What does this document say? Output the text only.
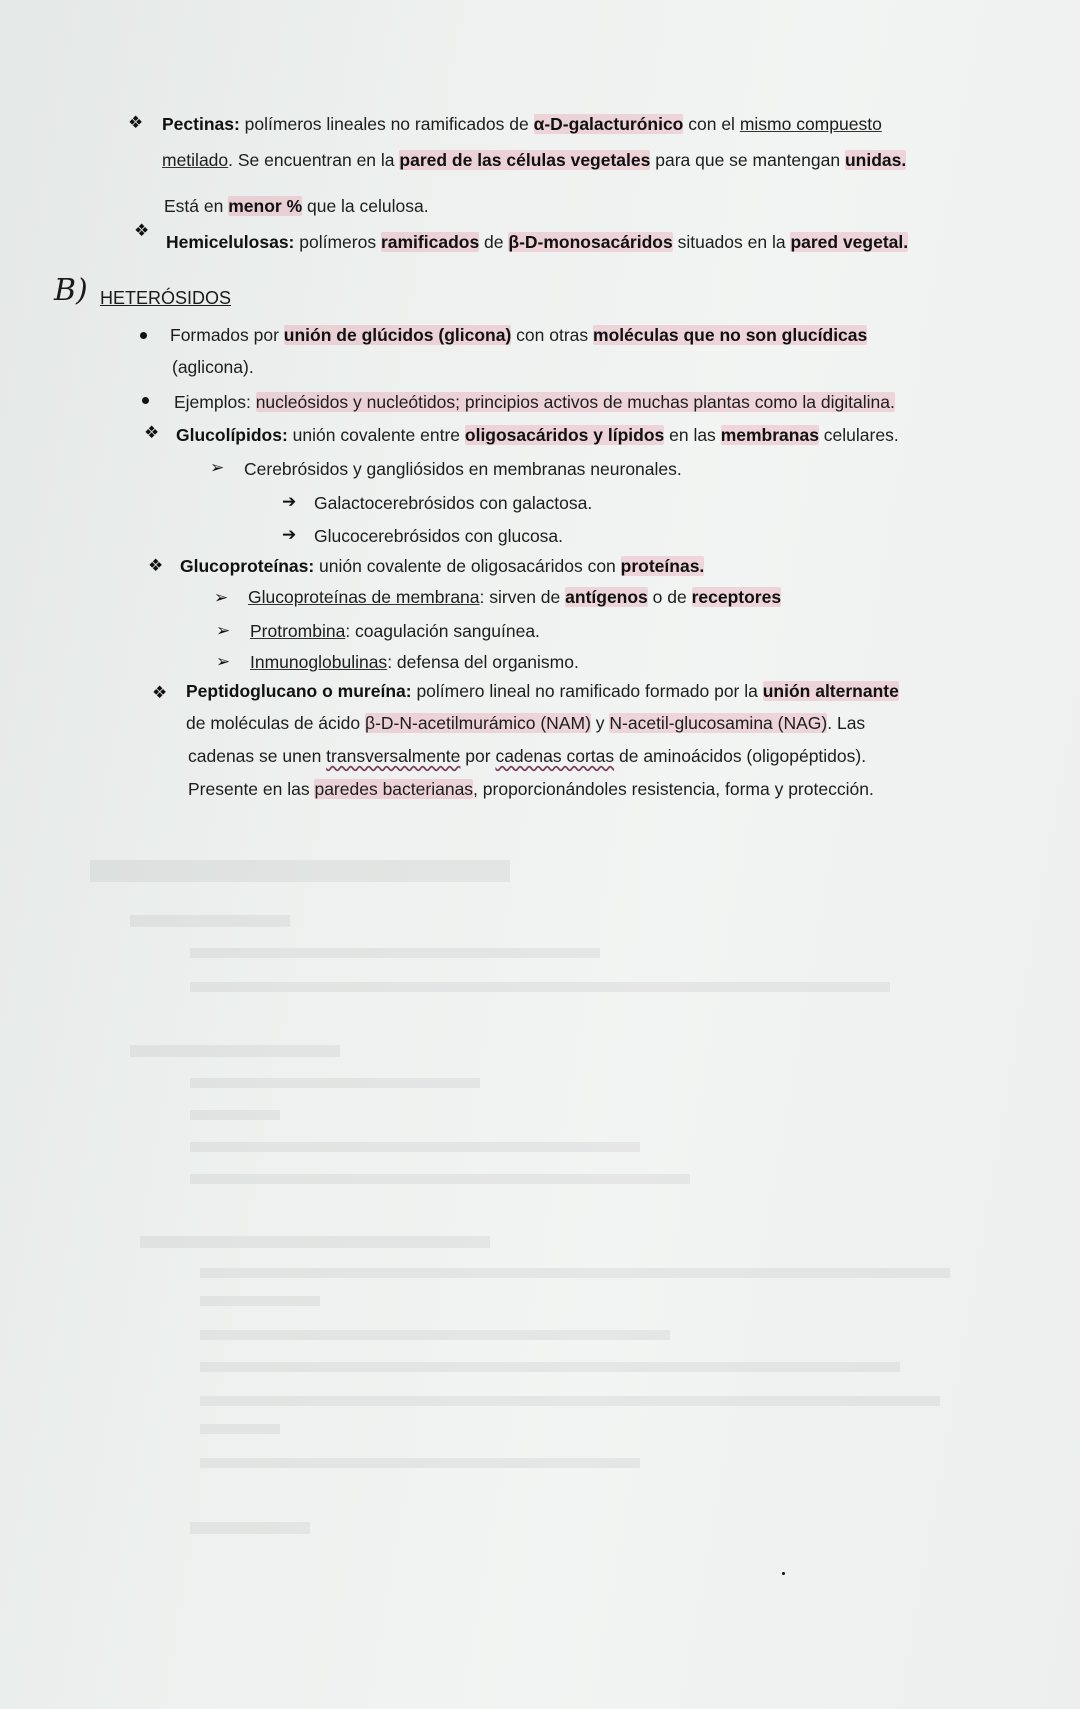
❖ Pectinas: polímeros lineales no ramificados de α-D-galacturónico con el mismo compuesto
metilado. Se encuentran en la pared de las células vegetales para que se mantengan unidas.
Está en menor % que la celulosa.
❖
Hemicelulosas: polímeros ramificados de β-D-monosacáridos situados en la pared vegetal.
B) HETERÓSIDOS
Formados por unión de glúcidos (glicona) con otras moléculas que no son glucídicas
(aglicona).
Ejemplos: nucleósidos y nucleótidos; principios activos de muchas plantas como la digitalina.
❖ Glucolípidos: unión covalente entre oligosacáridos y lípidos en las membranas celulares.
➢ Cerebrósidos y gangliósidos en membranas neuronales.
➔ Galactocerebrósidos con galactosa.
➔ Glucocerebrósidos con glucosa.
❖ Glucoproteínas: unión covalente de oligosacáridos con proteínas.
➢ Glucoproteínas de membrana: sirven de antígenos o de receptores
➢ Protrombina: coagulación sanguínea.
➢ Inmunoglobulinas: defensa del organismo.
❖ Peptidoglucano o mureína: polímero lineal no ramificado formado por la unión alternante
de moléculas de ácido β-D-N-acetilmurámico (NAM) y N-acetil-glucosamina (NAG). Las
cadenas se unen transversalmente por cadenas cortas de aminoácidos (oligopéptidos).
Presente en las paredes bacterianas, proporcionándoles resistencia, forma y protección.
